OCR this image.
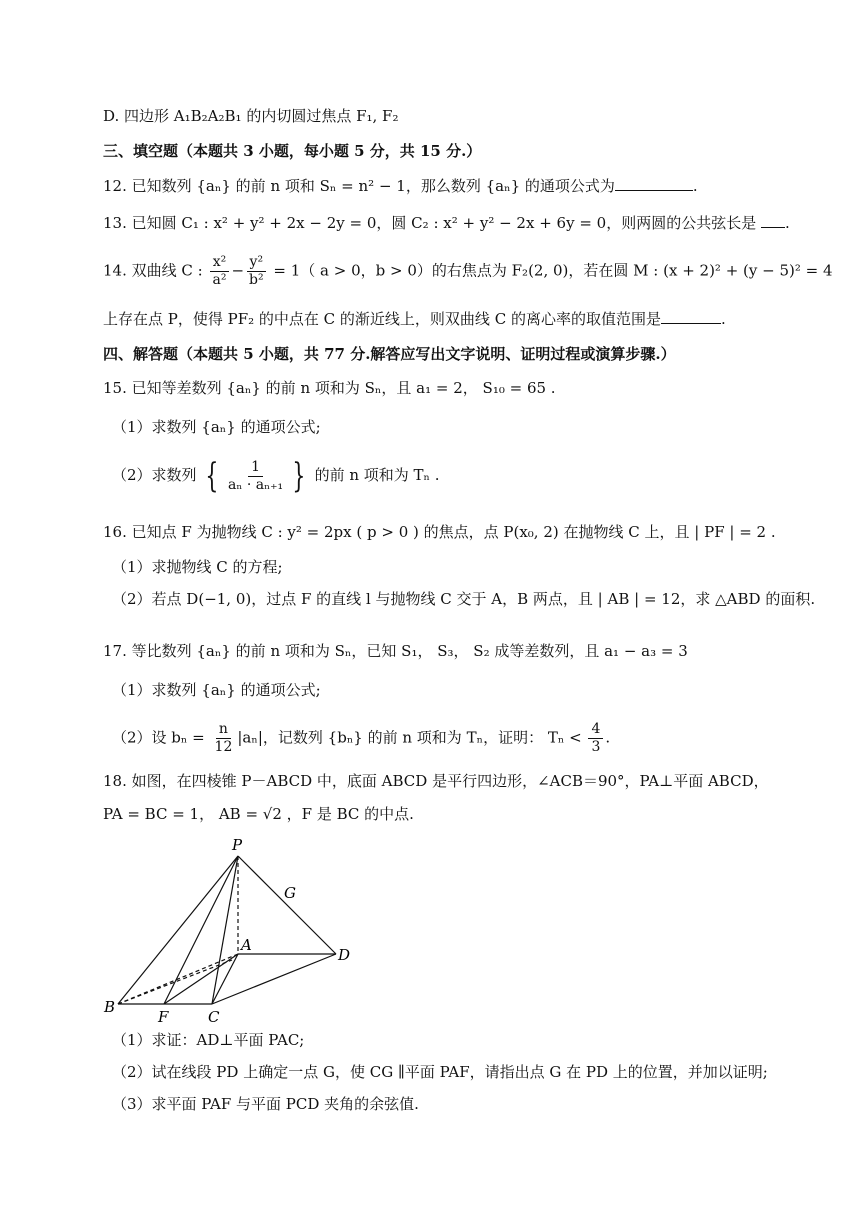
D. 四边形 A₁B₂A₂B₁ 的内切圆过焦点 F₁, F₂
三、填空题（本题共 3 小题，每小题 5 分，共 15 分.）
12. 已知数列 {aₙ} 的前 n 项和 Sₙ = n² − 1，那么数列 {aₙ} 的通项公式为	.
13. 已知圆 C₁ : x² + y² + 2x − 2y = 0，圆 C₂ : x² + y² − 2x + 6y = 0，则两圆的公共弦长是 .
14. 双曲线 C : $\frac{\text{x²}}{\text{a²}} - \frac{\text{y²}}{\text{b²}} = 1$（ a > 0，b > 0）的右焦点为 F₂(2, 0)，若在圆 M : (x + 2)² + (y − 5)² = 4
上存在点 P，使得 PF₂ 的中点在 C 的渐近线上，则双曲线 C 的离心率的取值范围是	.
四、解答题（本题共 5 小题，共 77 分.解答应写出文字说明、证明过程或演算步骤.）
15. 已知等差数列 {aₙ} 的前 n 项和为 Sₙ，且 a₁ = 2， S₁₀ = 65 .
（1）求数列 {aₙ} 的通项公式;
（2）求数列 { $\frac{1}{\text{aₙ · aₙ₊₁}}$ } 的前 n 项和为 Tₙ .
16. 已知点 F 为抛物线 C : y² = 2px ( p > 0 ) 的焦点，点 P(x₀, 2) 在抛物线 C 上，且 | PF | = 2 .
（1）求抛物线 C 的方程;
（2）若点 D(−1, 0)，过点 F 的直线 l 与抛物线 C 交于 A，B 两点，且 | AB | = 12，求 △ABD 的面积.
17. 等比数列 {aₙ} 的前 n 项和为 Sₙ，已知 S₁， S₃， S₂ 成等差数列，且 a₁ − a₃ = 3
（1）求数列 {aₙ} 的通项公式;
（2）设 $b_n = \frac{n}{12} |a_n|$，记数列 {bₙ} 的前 n 项和为 Tₙ，证明： $T_n < \frac{4}{3}$ .
18. 如图，在四棱锥 P－ABCD 中，底面 ABCD 是平行四边形，∠ACB＝90°，PA⊥平面 ABCD，
PA = BC = 1， AB = √2 ，F 是 BC 的中点.
P
G
A
D
B
F	C
（1）求证：AD⊥平面 PAC;
（2）试在线段 PD 上确定一点 G，使 CG ∥平面 PAF，请指出点 G 在 PD 上的位置，并加以证明;
（3）求平面 PAF 与平面 PCD 夹角的余弦值.
